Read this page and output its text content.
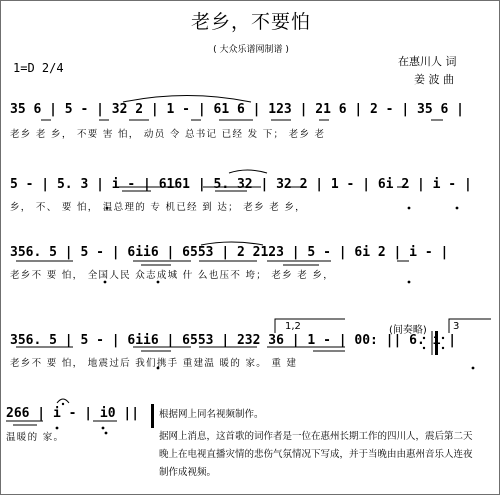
老乡，不要怕
( 大众乐谱网制谱 )
1=D 2/4	在惠川人 词
姜 波 曲
35 6 | 5 - | 32 2 | 1 - | 61 6 | 123 | 21 6 | 2 - | 35 6 |
老乡 老 乡， 不要 害 怕， 动员 令 总书记 已经 发 下； 老乡 老
5 - | 5. 3 | i - | 6161 | 5. 32 | 32 2 | 1 - | 6i 2 | i - |
乡， 不、 要 怕， 温总理的 专 机已经 到 达； 老乡 老 乡，
356. 5 | 5 - | 6ii6 | 6553 | 2 2123 | 5 - | 6i 2 | i - |
老乡不 要 怕， 全国人民 众志成城 什 么也压不 垮； 老乡 老 乡，
1,2	3
(间奏略)
356. 5 | 5 - | 6ii6 | 6553 | 232 36 | 1 - | 00: || 6. i |
老乡不 要 怕， 地震过后 我们携手 重建温 暖的 家。 重 建
266 | i - | i0 ||
温暖的 家。
根据网上同名视频制作。
据网上消息，这首歌的词作者是一位在惠州长期工作的四川人，震后第二天
晚上在电视直播灾情的悲伤气氛情况下写成，并于当晚由由惠州音乐人连夜
制作成视频。
